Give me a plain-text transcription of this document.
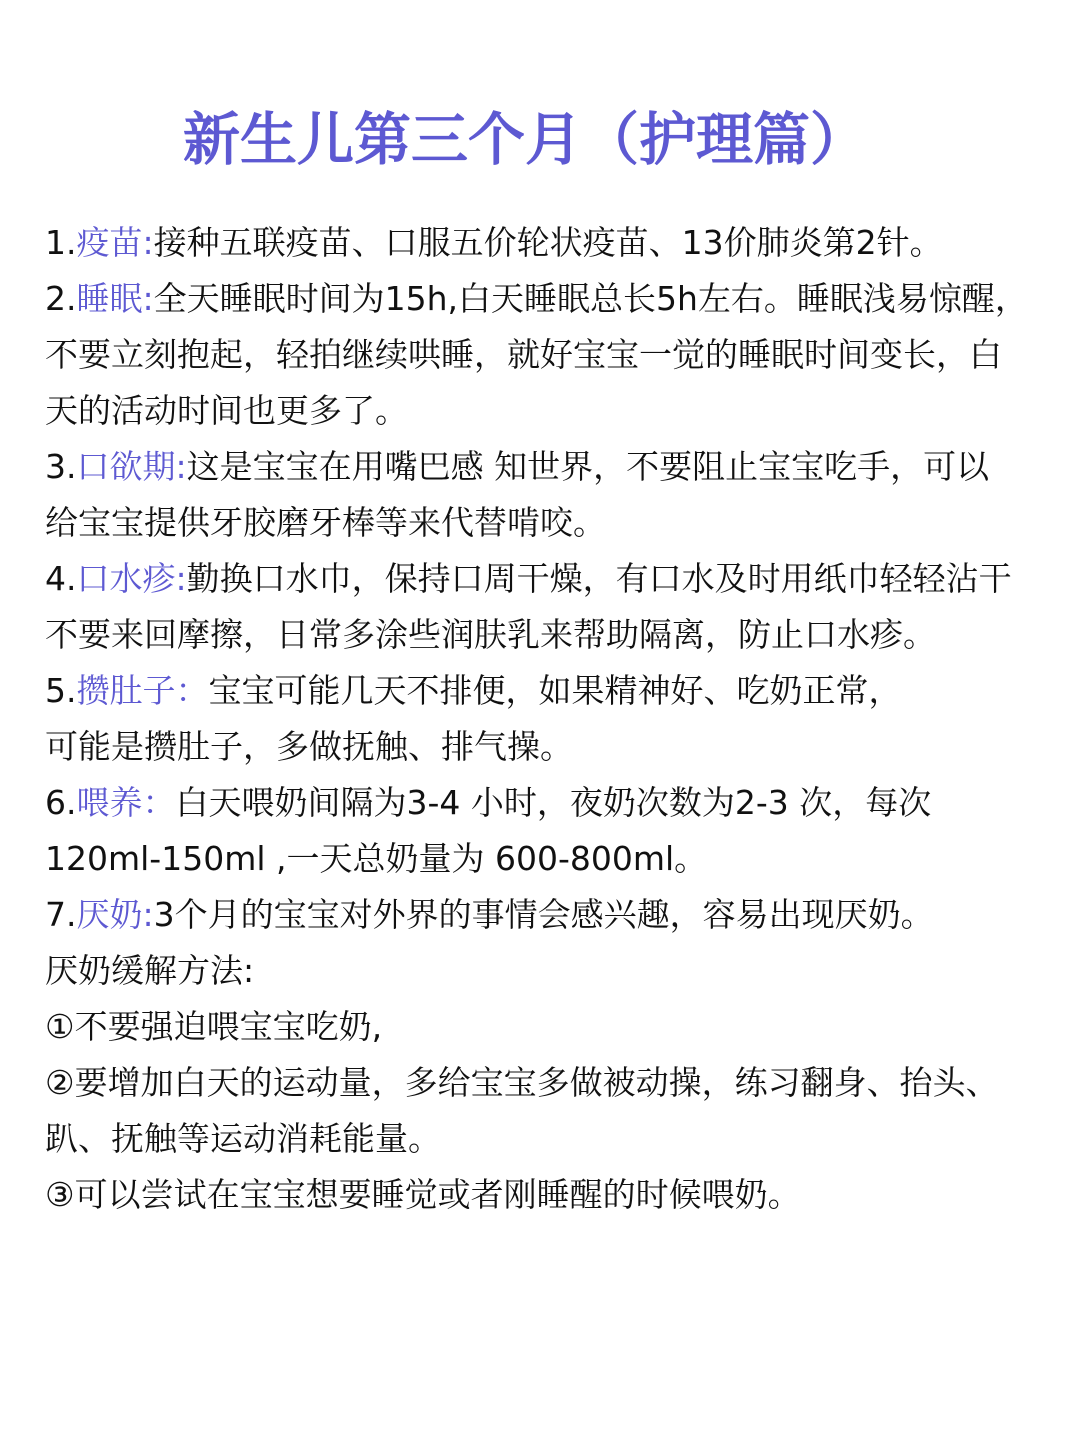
新生儿第三个月（护理篇）
1.疫苗:接种五联疫苗、口服五价轮状疫苗、13价肺炎第2针。
2.睡眠:全天睡眠时间为15h,白天睡眠总长5h左右。睡眠浅易惊醒，
不要立刻抱起，轻拍继续哄睡，就好宝宝一觉的睡眠时间变长，白
天的活动时间也更多了。
3.口欲期:这是宝宝在用嘴巴感 知世界，不要阻止宝宝吃手，可以
给宝宝提供牙胶磨牙棒等来代替啃咬。
4.口水疹:勤换口水巾，保持口周干燥，有口水及时用纸巾轻轻沾干
不要来回摩擦，日常多涂些润肤乳来帮助隔离，防止口水疹。
5.攒肚子：宝宝可能几天不排便，如果精神好、吃奶正常，
可能是攒肚子，多做抚触、排气操。
6.喂养：白天喂奶间隔为3-4 小时，夜奶次数为2-3 次，每次
120ml-150ml ,一天总奶量为 600-800ml。
7.厌奶:3个月的宝宝对外界的事情会感兴趣，容易出现厌奶。
厌奶缓解方法:
①不要强迫喂宝宝吃奶,
②要增加白天的运动量，多给宝宝多做被动操，练习翻身、抬头、
趴、抚触等运动消耗能量。
③可以尝试在宝宝想要睡觉或者刚睡醒的时候喂奶。
